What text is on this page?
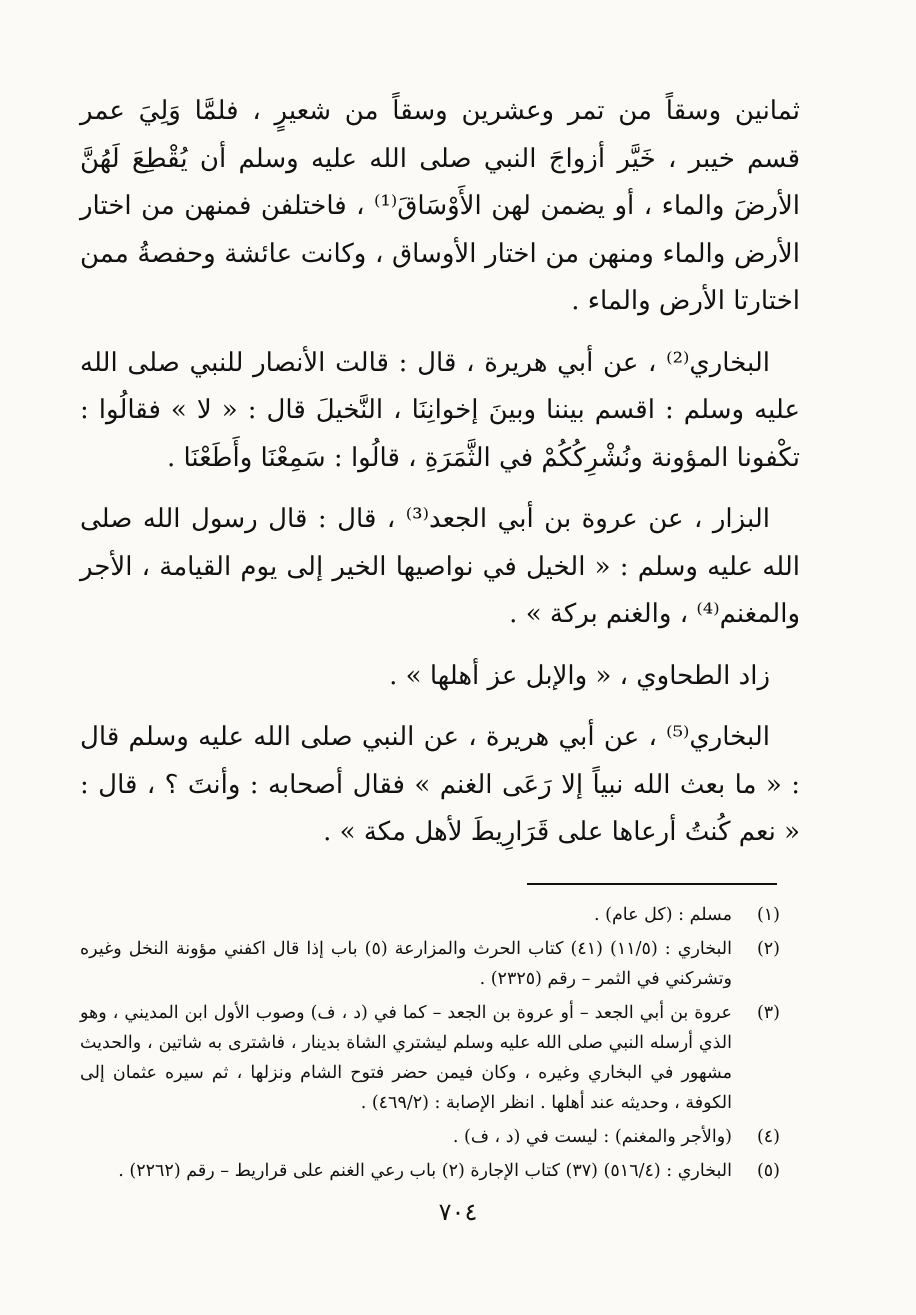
ثمانين وسقاً من تمر وعشرين وسقاً من شعيرٍ ، فلمَّا وَلِيَ عمر قسم خيبر ، خَيَّر أزواجَ النبي صلى الله عليه وسلم أن يُقْطِعَ لَهُنَّ الأرضَ والماء ، أو يضمن لهن الأَوْسَاقَ⁽¹⁾ ، فاختلفن فمنهن من اختار الأرض والماء ومنهن من اختار الأوساق ، وكانت عائشة وحفصةُ ممن اختارتا الأرض والماء .

البخاري⁽²⁾ ، عن أبي هريرة ، قال : قالت الأنصار للنبي صلى الله عليه وسلم : اقسم بيننا وبينَ إخوانِنَا ، النَّخيلَ قال : « لا » فقالُوا : تكْفونا المؤونة ونُشْرِكُكُمْ في الثَّمَرَةِ ، قالُوا : سَمِعْنَا وأَطَعْنَا .

البزار ، عن عروة بن أبي الجعد⁽³⁾ ، قال : قال رسول الله صلى الله عليه وسلم : « الخيل في نواصيها الخير إلى يوم القيامة ، الأجر والمغنم⁽⁴⁾ ، والغنم بركة » .

زاد الطحاوي ، « والإبل عز أهلها » .

البخاري⁽⁵⁾ ، عن أبي هريرة ، عن النبي صلى الله عليه وسلم قال : « ما بعث الله نبياً إلا رَعَى الغنم » فقال أصحابه : وأنتَ ؟ ، قال : « نعم كُنتُ أرعاها على قَرَارِيطَ لأهل مكة » .

(١)
مسلم : (كل عام) .
(٢)
البخاري : (١١/٥) (٤١) كتاب الحرث والمزارعة (٥) باب إذا قال اكفني مؤونة النخل وغيره وتشركني في الثمر – رقم (٢٣٢٥) .
(٣)
عروة بن أبي الجعد – أو عروة بن الجعد – كما في (د ، ف) وصوب الأول ابن المديني ، وهو الذي أرسله النبي صلى الله عليه وسلم ليشتري الشاة بدينار ، فاشترى به شاتين ، والحديث مشهور في البخاري وغيره ، وكان فيمن حضر فتوح الشام ونزلها ، ثم سيره عثمان إلى الكوفة ، وحديثه عند أهلها . انظر الإصابة : (٤٦٩/٢) .
(٤)
(والأجر والمغنم) : ليست في (د ، ف) .
(٥)
البخاري : (٥١٦/٤) (٣٧) كتاب الإجارة (٢) باب رعي الغنم على قراريط – رقم (٢٢٦٢) .
٧٠٤
